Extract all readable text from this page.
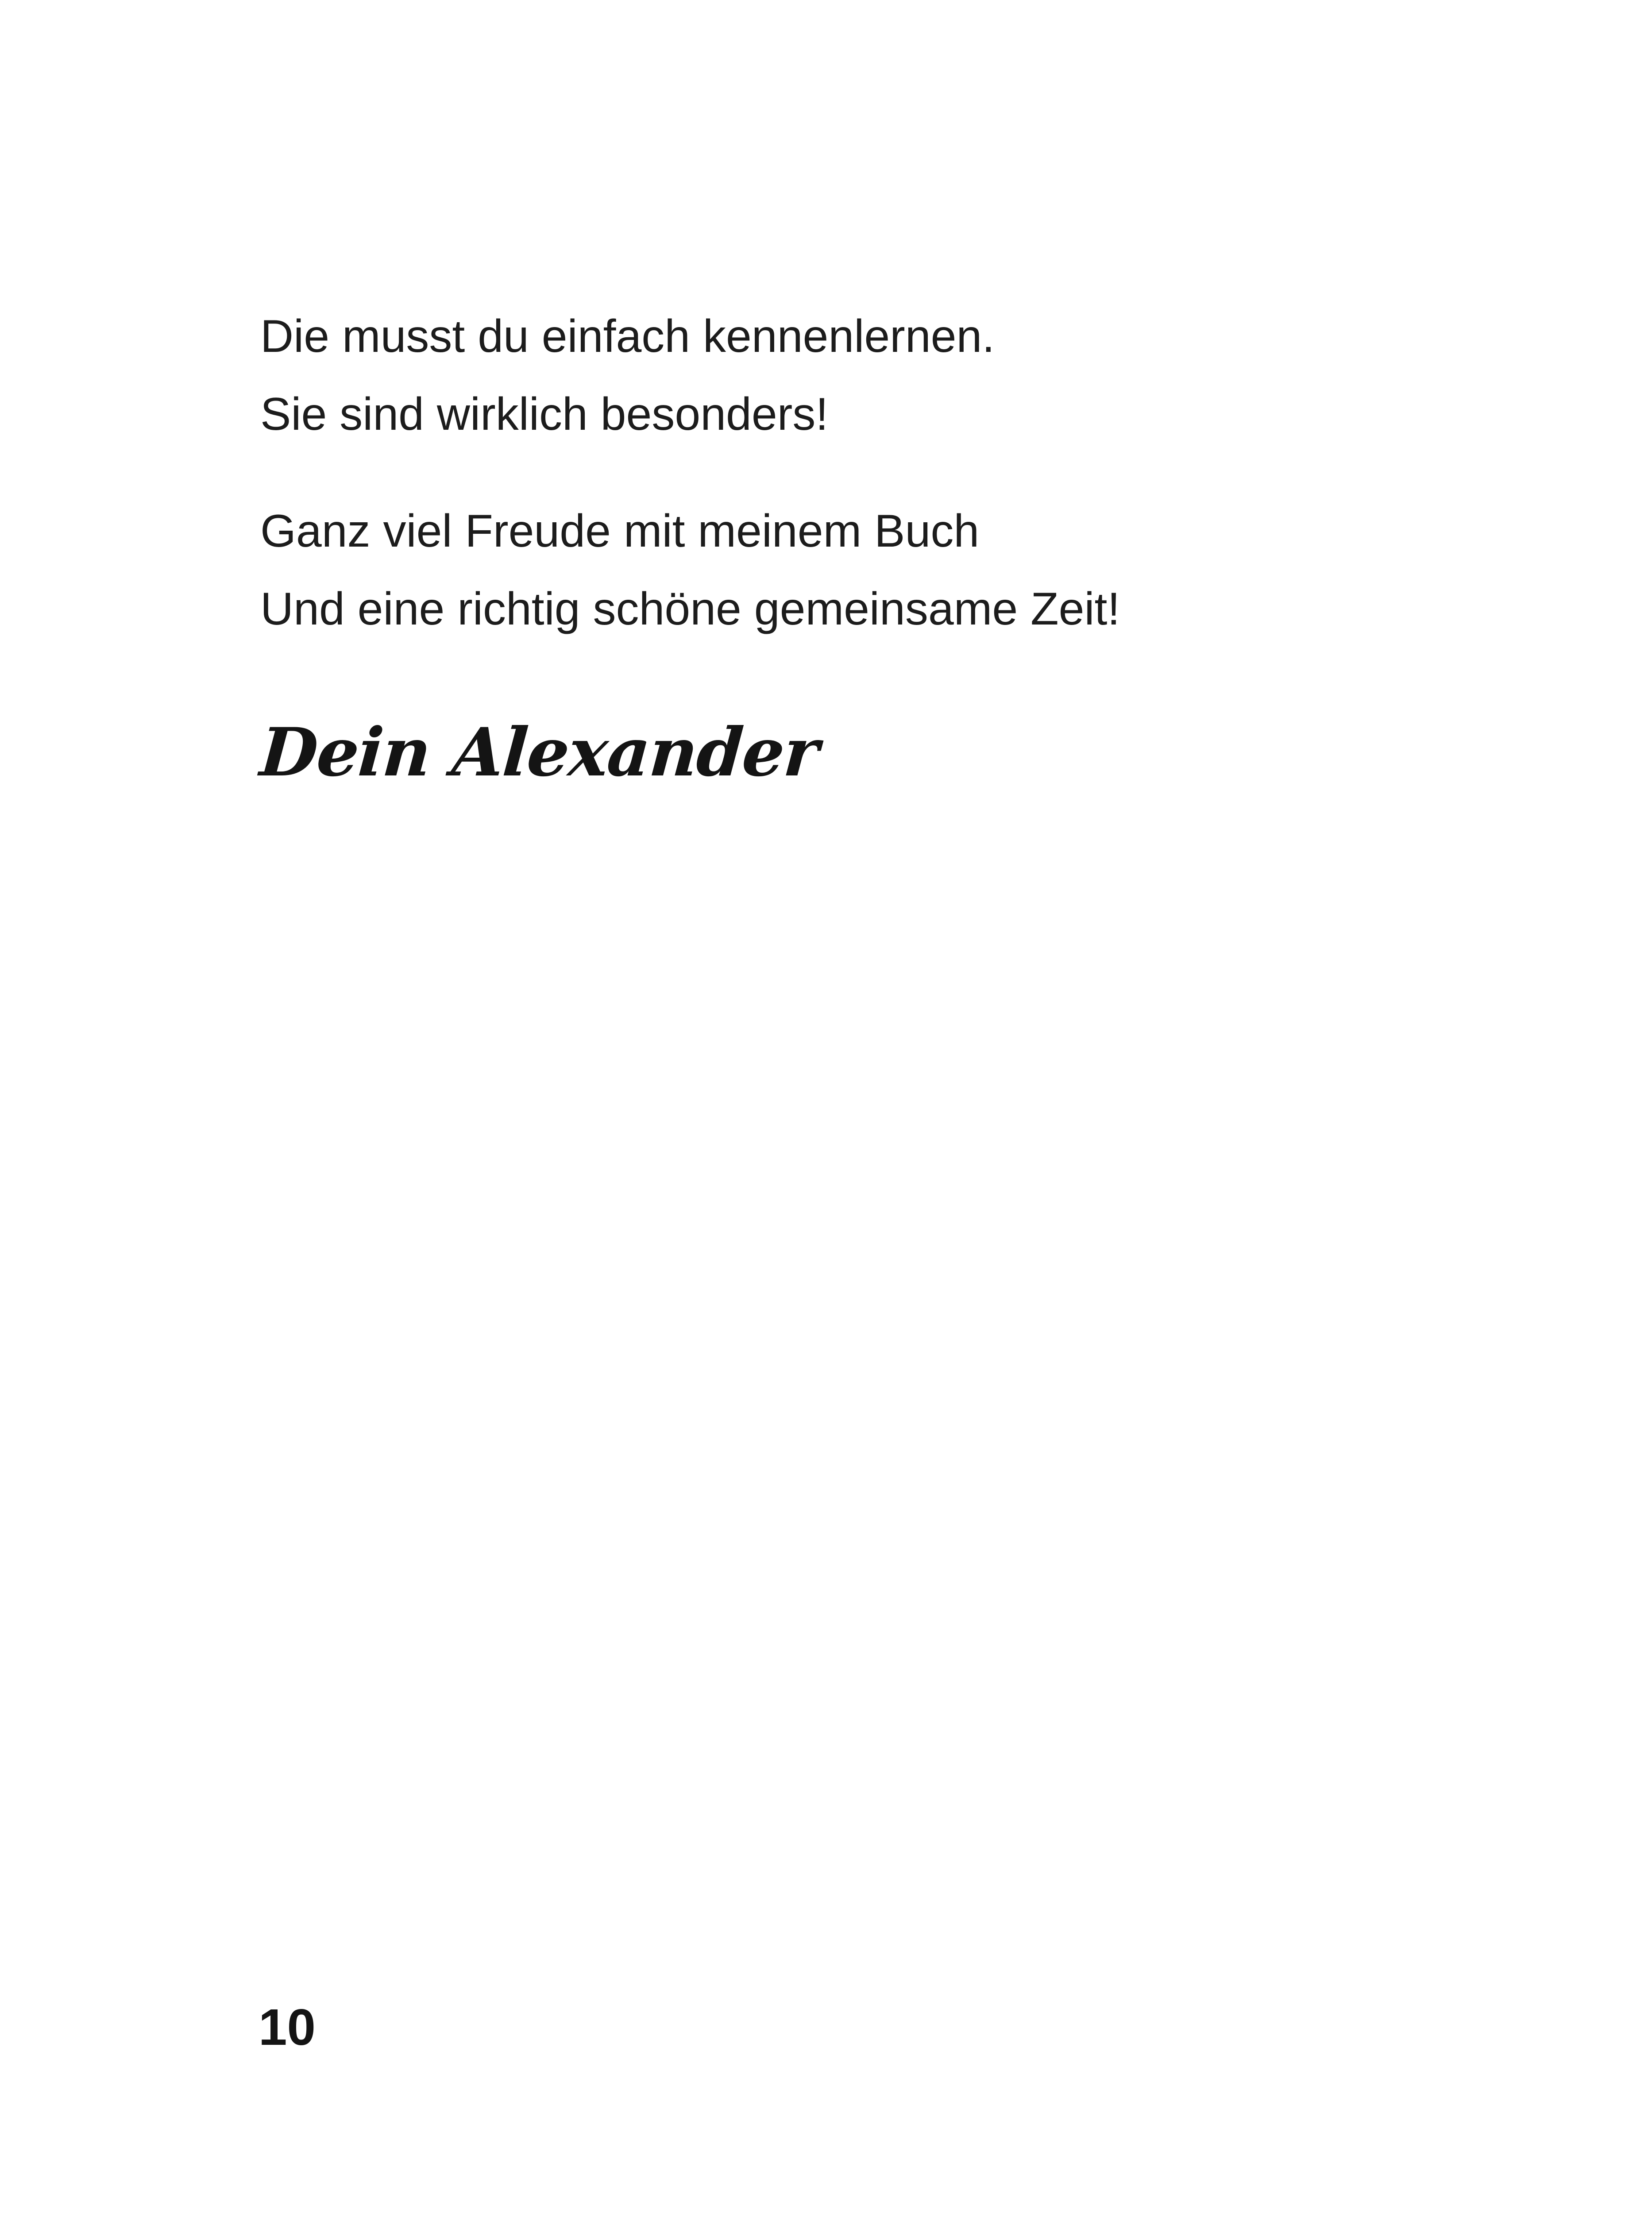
Die musst du einfach kennenlernen.
Sie sind wirklich besonders!
Ganz viel Freude mit meinem Buch
Und eine richtig schöne gemeinsame Zeit!
Dein Alexander
10
